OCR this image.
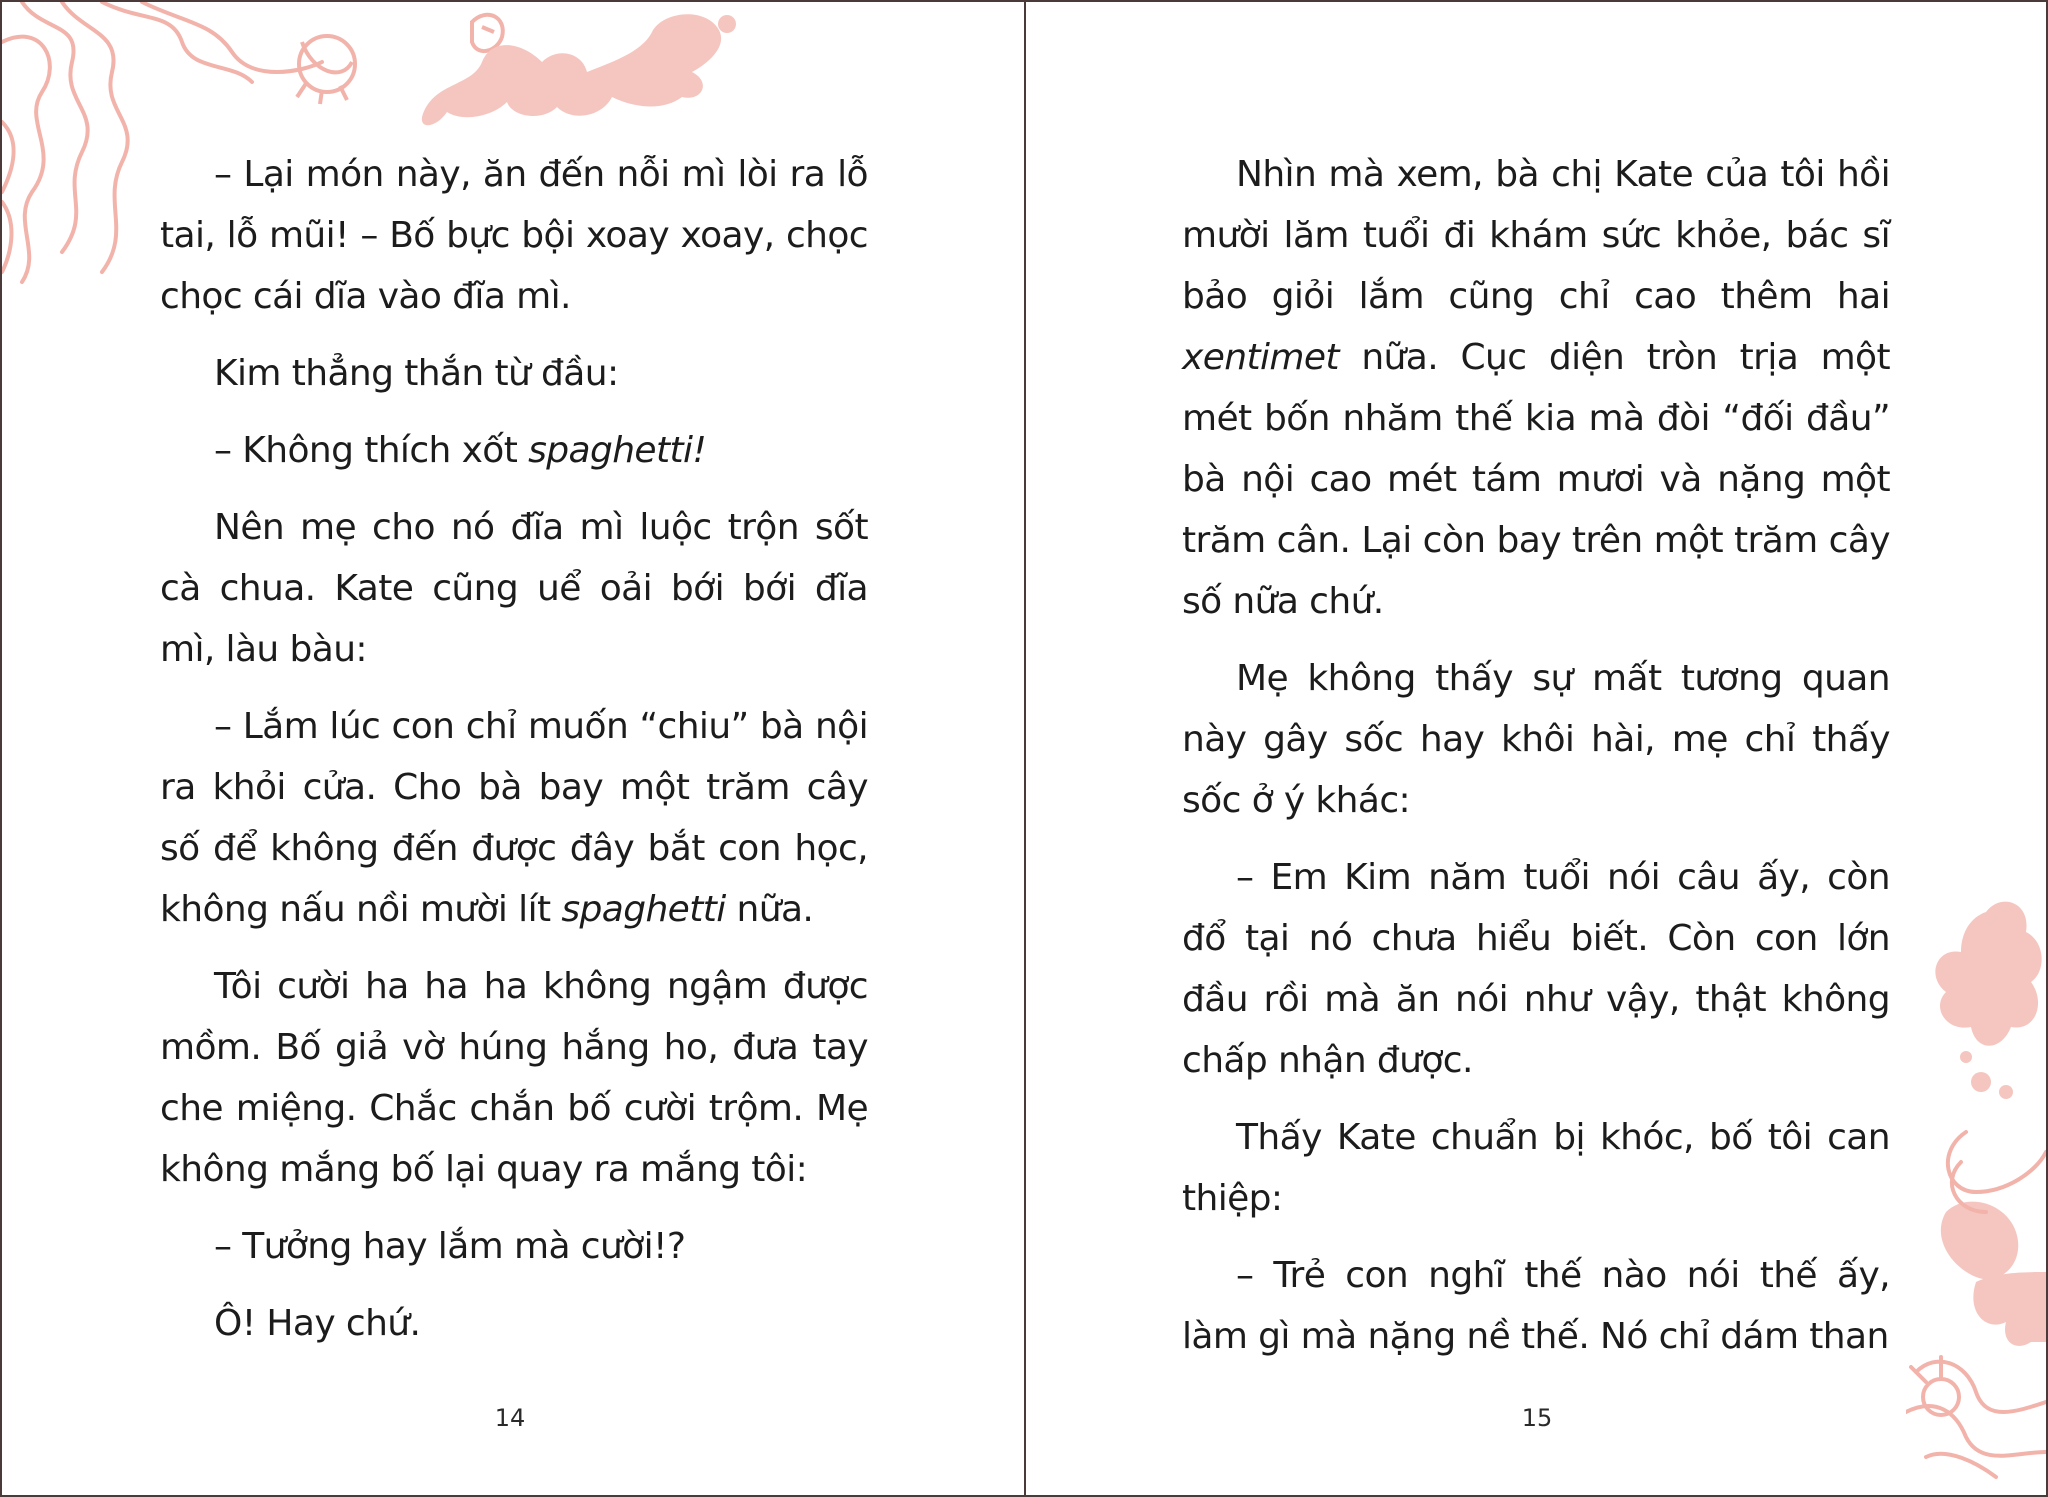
– Lại món này, ăn đến nỗi mì lòi ra lỗ tai, lỗ mũi! – Bố bực bội xoay xoay, chọc chọc cái dĩa vào đĩa mì.

Kim thẳng thắn từ đầu:

– Không thích xốt spaghetti!

Nên mẹ cho nó đĩa mì luộc trộn sốt cà chua. Kate cũng uể oải bới bới đĩa mì, làu bàu:

– Lắm lúc con chỉ muốn “chiu” bà nội ra khỏi cửa. Cho bà bay một trăm cây số để không đến được đây bắt con học, không nấu nồi mười lít spaghetti nữa.

Tôi cười ha ha ha không ngậm được mồm. Bố giả vờ húng hắng ho, đưa tay che miệng. Chắc chắn bố cười trộm. Mẹ không mắng bố lại quay ra mắng tôi:

– Tưởng hay lắm mà cười!?

Ô! Hay chứ.

14

Nhìn mà xem, bà chị Kate của tôi hồi mười lăm tuổi đi khám sức khỏe, bác sĩ bảo giỏi lắm cũng chỉ cao thêm hai xentimet nữa. Cục diện tròn trịa một mét bốn nhăm thế kia mà đòi “đối đầu” bà nội cao mét tám mươi và nặng một trăm cân. Lại còn bay trên một trăm cây số nữa chứ.

Mẹ không thấy sự mất tương quan này gây sốc hay khôi hài, mẹ chỉ thấy sốc ở ý khác:

– Em Kim năm tuổi nói câu ấy, còn đổ tại nó chưa hiểu biết. Còn con lớn đầu rồi mà ăn nói như vậy, thật không chấp nhận được.

Thấy Kate chuẩn bị khóc, bố tôi can thiệp:

– Trẻ con nghĩ thế nào nói thế ấy, làm gì mà nặng nề thế. Nó chỉ dám than

15
